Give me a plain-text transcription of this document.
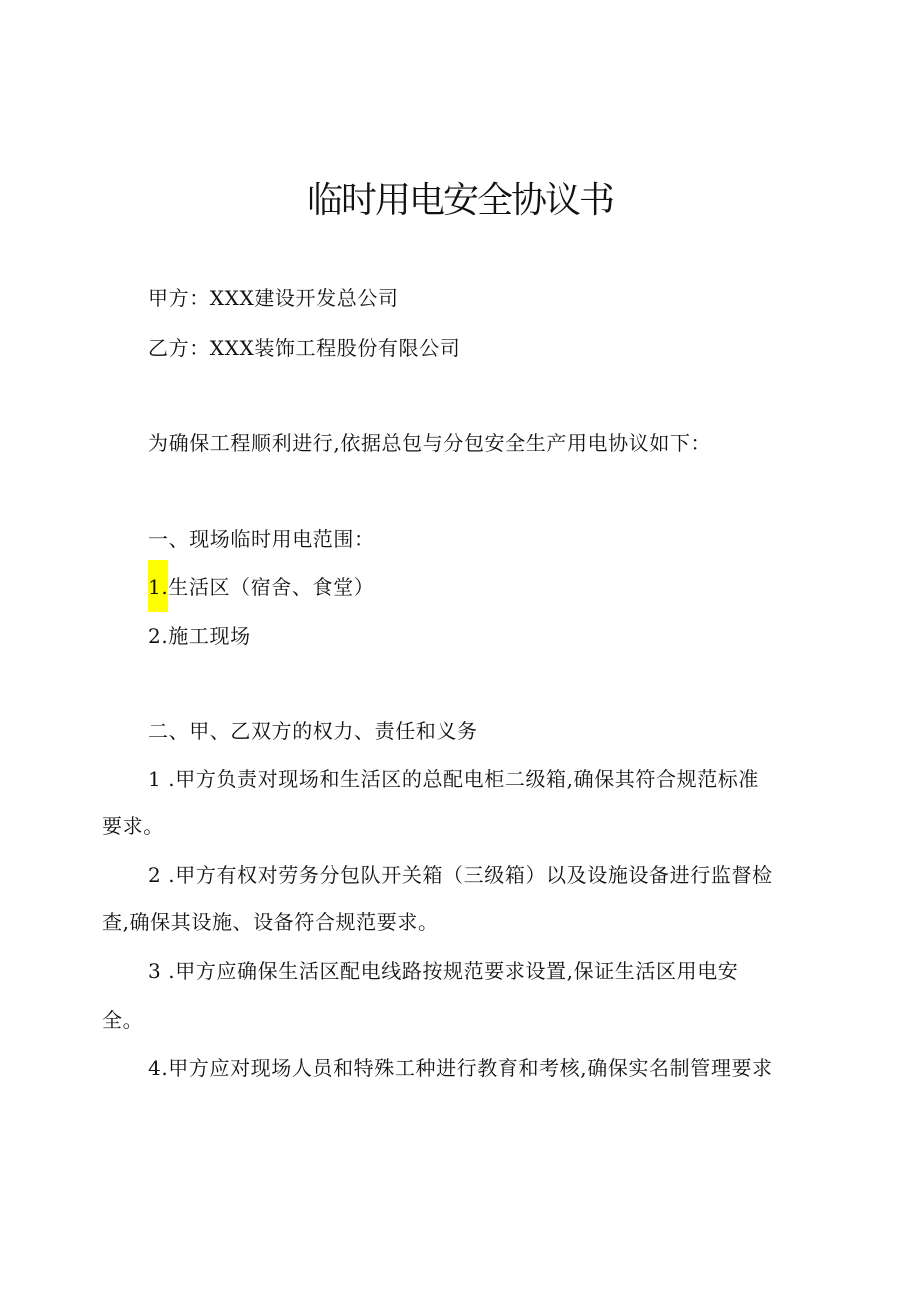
临时用电安全协议书
甲方：XXX建设开发总公司
乙方：XXX装饰工程股份有限公司
为确保工程顺利进行,依据总包与分包安全生产用电协议如下：
一、现场临时用电范围：
1.生活区（宿舍、食堂）
2.施工现场
二、甲、乙双方的权力、责任和义务
1 .甲方负责对现场和生活区的总配电柜二级箱,确保其符合规范标准
要求。
2 .甲方有权对劳务分包队开关箱（三级箱）以及设施设备进行监督检
查,确保其设施、设备符合规范要求。
3 .甲方应确保生活区配电线路按规范要求设置,保证生活区用电安
全。
4.甲方应对现场人员和特殊工种进行教育和考核,确保实名制管理要求
